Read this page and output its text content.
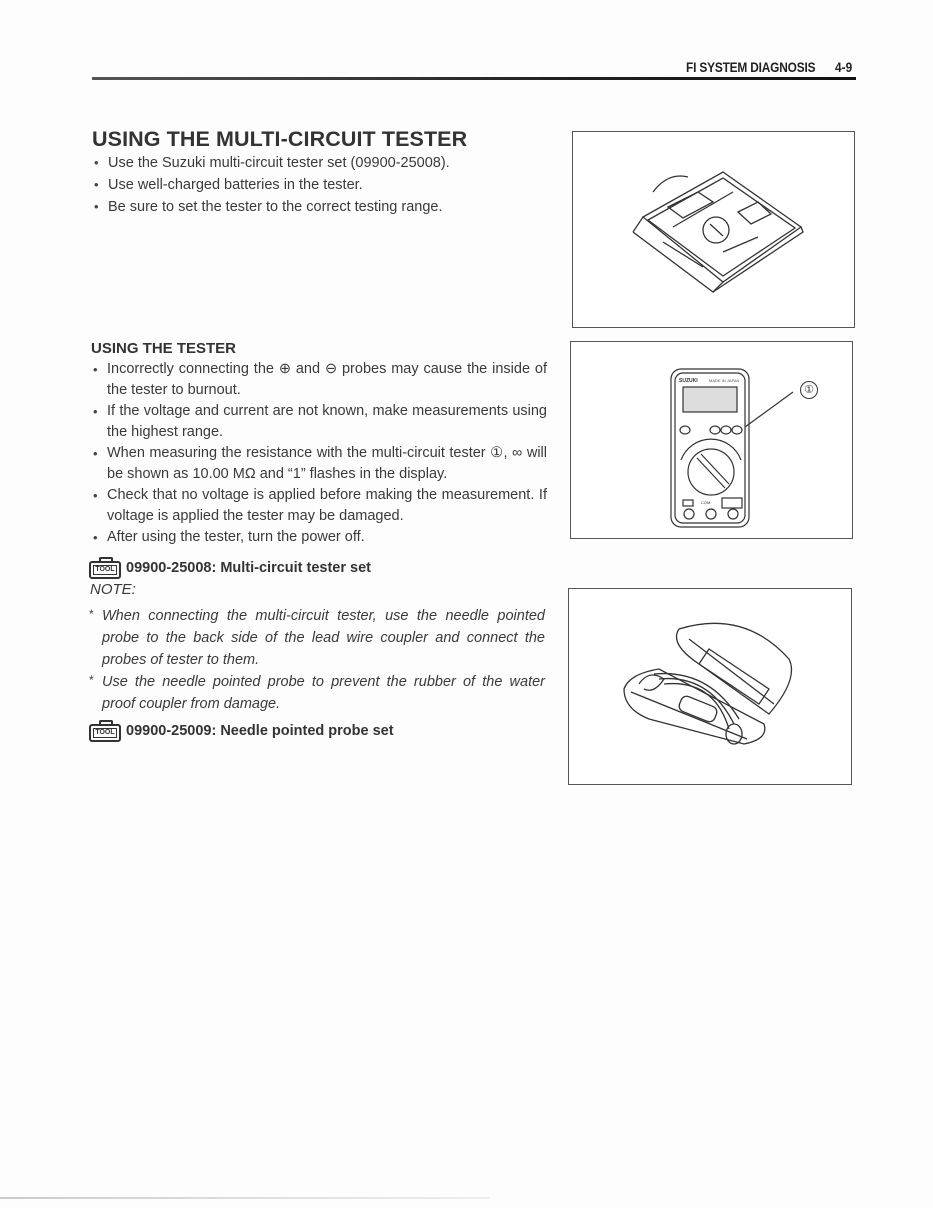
FI SYSTEM DIAGNOSIS 4-9
USING THE MULTI-CIRCUIT TESTER
• Use the Suzuki multi-circuit tester set (09900-25008).
• Use well-charged batteries in the tester.
• Be sure to set the tester to the correct testing range.
USING THE TESTER
• Incorrectly connecting the ⊕ and ⊖ probes may cause the inside of the tester to burnout.
• If the voltage and current are not known, make measurements using the highest range.
• When measuring the resistance with the multi-circuit tester ①, ∞ will be shown as 10.00 MΩ and “1” flashes in the display.
• Check that no voltage is applied before making the measurement. If voltage is applied the tester may be damaged.
• After using the tester, turn the power off.
TOOL 09900-25008: Multi-circuit tester set
NOTE:
* When connecting the multi-circuit tester, use the needle pointed probe to the back side of the lead wire coupler and connect the probes of tester to them.
* Use the needle pointed probe to prevent the rubber of the water proof coupler from damage.
TOOL 09900-25009: Needle pointed probe set
SUZUKI	MADE IN JAPAN
COM
①
